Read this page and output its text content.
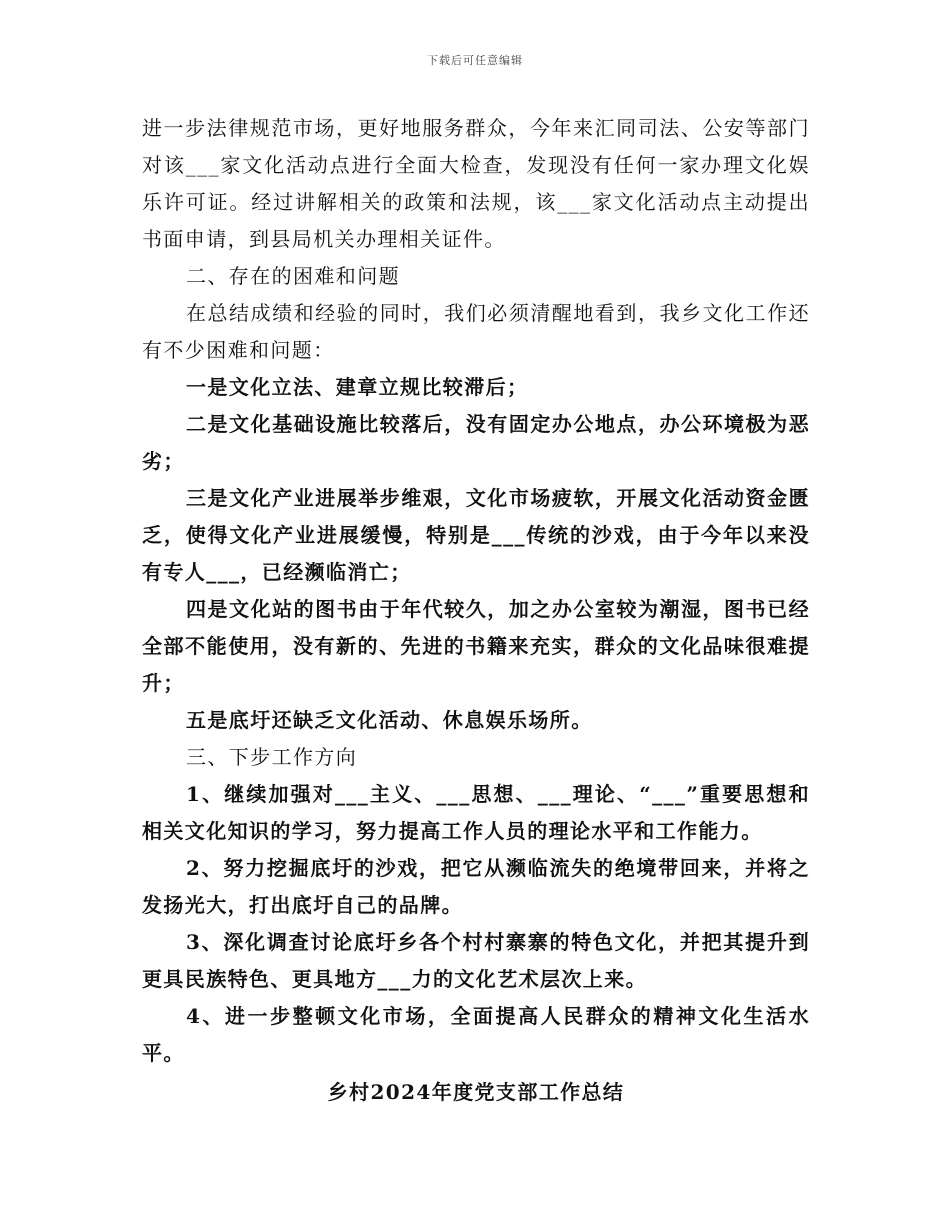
下载后可任意编辑

进一步法律规范市场，更好地服务群众，今年来汇同司法、公安等部门对该___家文化活动点进行全面大检查，发现没有任何一家办理文化娱乐许可证。经过讲解相关的政策和法规，该___家文化活动点主动提出书面申请，到县局机关办理相关证件。

二、存在的困难和问题

在总结成绩和经验的同时，我们必须清醒地看到，我乡文化工作还有不少困难和问题：

一是文化立法、建章立规比较滞后；

二是文化基础设施比较落后，没有固定办公地点，办公环境极为恶劣；

三是文化产业进展举步维艰，文化市场疲软，开展文化活动资金匮乏，使得文化产业进展缓慢，特别是___传统的沙戏，由于今年以来没有专人___，已经濒临消亡；

四是文化站的图书由于年代较久，加之办公室较为潮湿，图书已经全部不能使用，没有新的、先进的书籍来充实，群众的文化品味很难提升；

五是底圩还缺乏文化活动、休息娱乐场所。

三、下步工作方向

1、继续加强对___主义、___思想、___理论、“___”重要思想和相关文化知识的学习，努力提高工作人员的理论水平和工作能力。

2、努力挖掘底圩的沙戏，把它从濒临流失的绝境带回来，并将之发扬光大，打出底圩自己的品牌。

3、深化调查讨论底圩乡各个村村寨寨的特色文化，并把其提升到更具民族特色、更具地方___力的文化艺术层次上来。

4、进一步整顿文化市场，全面提高人民群众的精神文化生活水平。

乡村2024年度党支部工作总结
